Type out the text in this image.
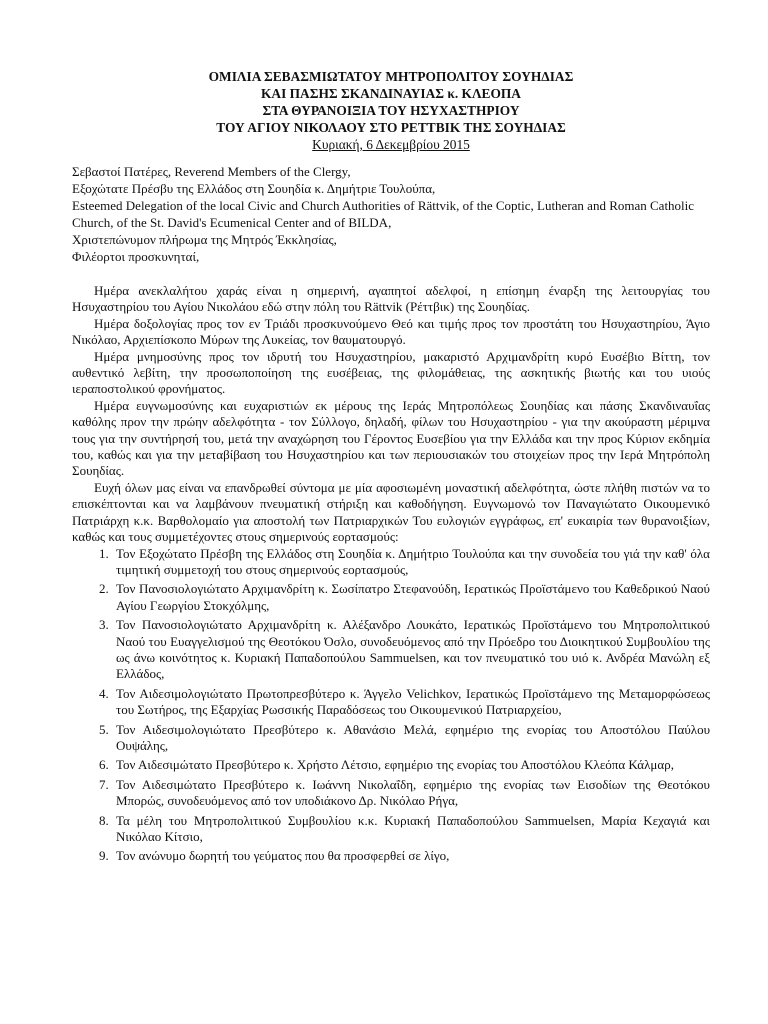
ΟΜΙΛΙΑ ΣΕΒΑΣΜΙΩΤΑΤΟΥ ΜΗΤΡΟΠΟΛΙΤΟΥ ΣΟΥΗΔΙΑΣ

ΚΑΙ ΠΑΣΗΣ ΣΚΑΝΔΙΝΑΥΙΑΣ κ. ΚΛΕΟΠΑ

ΣΤΑ ΘΥΡΑΝΟΙΞΙΑ ΤΟΥ ΗΣΥΧΑΣΤΗΡΙΟΥ

ΤΟΥ ΑΓΙΟΥ ΝΙΚΟΛΑΟΥ ΣΤΟ ΡΕΤΤΒΙΚ ΤΗΣ ΣΟΥΗΔΙΑΣ

Κυριακή, 6 Δεκεμβρίου 2015

Σεβαστοί Πατέρες, Reverend Members of the Clergy,

Εξοχώτατε Πρέσβυ της Ελλάδος στη Σουηδία κ. Δημήτριε Τουλούπα,

Esteemed Delegation of the local Civic and Church Authorities of Rättvik, of the Coptic, Lutheran and Roman Catholic Church, of the St. David's Ecumenical Center and of BILDA,

Χριστεπώνυμον πλήρωμα της Μητρός Έκκλησίας,

Φιλέορτοι προσκυνηταί,

Ημέρα ανεκλαλήτου χαράς είναι η σημερινή, αγαπητοί αδελφοί, η επίσημη έναρξη της λειτουργίας του Ησυχαστηρίου του Αγίου Νικολάου εδώ στην πόλη του Rättvik (Ρέττβικ) της Σουηδίας.

Ημέρα δοξολογίας προς τον εν Τριάδι προσκυνούμενο Θεό και τιμής προς τον προστάτη του Ησυχαστηρίου, Άγιο Νικόλαο, Αρχιεπίσκοπο Μύρων της Λυκείας, τον θαυματουργό.

Ημέρα μνημοσύνης προς τον ιδρυτή του Ησυχαστηρίου, μακαριστό Αρχιμανδρίτη κυρό Ευσέβιο Βίττη, τον αυθεντικό λεβίτη, την προσωποποίηση της ευσέβειας, της φιλομάθειας, της ασκητικής βιωτής και του υιούς ιεραποστολικού φρονήματος.

Ημέρα ευγνωμοσύνης και ευχαριστιών εκ μέρους της Ιεράς Μητροπόλεως Σουηδίας και πάσης Σκανδιναυΐας καθόλης προν την πρώην αδελφότητα - τον Σύλλογο, δηλαδή, φίλων του Ησυχαστηρίου - για την ακούραστη μέριμνα τους για την συντήρησή του, μετά την αναχώρηση του Γέροντος Ευσεβίου για την Ελλάδα και την προς Κύριον εκδημία του, καθώς και για την μεταβίβαση του Ησυχαστηρίου και των περιουσιακών του στοιχείων προς την Ιερά Μητρόπολη Σουηδίας.

Ευχή όλων μας είναι να επανδρωθεί σύντομα με μία αφοσιωμένη μοναστική αδελφότητα, ώστε πλήθη πιστών να το επισκέπτονται και να λαμβάνουν πνευματική στήριξη και καθοδήγηση. Ευγνωμονώ τον Παναγιώτατο Οικουμενικό Πατριάρχη κ.κ. Βαρθολομαίο για αποστολή των Πατριαρχικών Του ευλογιών εγγράφως, επ' ευκαιρία των θυρανοιξίων, καθώς και τους συμμετέχοντες στους σημερινούς εορτασμούς:

1. Τον Εξοχώτατο Πρέσβη της Ελλάδος στη Σουηδία κ. Δημήτριο Τουλούπα και την συνοδεία του γιά την καθ' όλα τιμητική συμμετοχή του στους σημερινούς εορτασμούς,
2. Τον Πανοσιολογιώτατο Αρχιμανδρίτη κ. Σωσίπατρο Στεφανούδη, Ιερατικώς Προϊστάμενο του Καθεδρικού Ναού Αγίου Γεωργίου Στοκχόλμης,
3. Τον Πανοσιολογιώτατο Αρχιμανδρίτη κ. Αλέξανδρο Λουκάτο, Ιερατικώς Προϊστάμενο του Μητροπολιτικού Ναού του Ευαγγελισμού της Θεοτόκου Όσλο, συνοδευόμενος από την Πρόεδρο του Διοικητικού Συμβουλίου της ως άνω κοινότητος κ. Κυριακή Παπαδοπούλου Sammuelsen, και τον πνευματικό του υιό κ. Ανδρέα Μανώλη εξ Ελλάδος,
4. Τον Αιδεσιμολογιώτατο Πρωτοπρεσβύτερο κ. Άγγελο Velichkov, Ιερατικώς Προϊστάμενο της Μεταμορφώσεως του Σωτήρος, της Εξαρχίας Ρωσσικής Παραδόσεως του Οικουμενικού Πατριαρχείου,
5. Τον Αιδεσιμολογιώτατο Πρεσβύτερο κ. Αθανάσιο Μελά, εφημέριο της ενορίας του Αποστόλου Παύλου Ουψάλης,
6. Τον Αιδεσιμώτατο Πρεσβύτερο κ. Χρήστο Λέτσιο, εφημέριο της ενορίας του Αποστόλου Κλεόπα Κάλμαρ,
7. Τον Αιδεσιμώτατο Πρεσβύτερο κ. Ιωάννη Νικολαΐδη, εφημέριο της ενορίας των Εισοδίων της Θεοτόκου Μπορώς, συνοδευόμενος από τον υποδιάκονο Δρ. Νικόλαο Ρήγα,
8. Τα μέλη του Μητροπολιτικού Συμβουλίου κ.κ. Κυριακή Παπαδοπούλου Sammuelsen, Μαρία Κεχαγιά και Νικόλαο Κίτσιο,
9. Τον ανώνυμο δωρητή του γεύματος που θα προσφερθεί σε λίγο,
